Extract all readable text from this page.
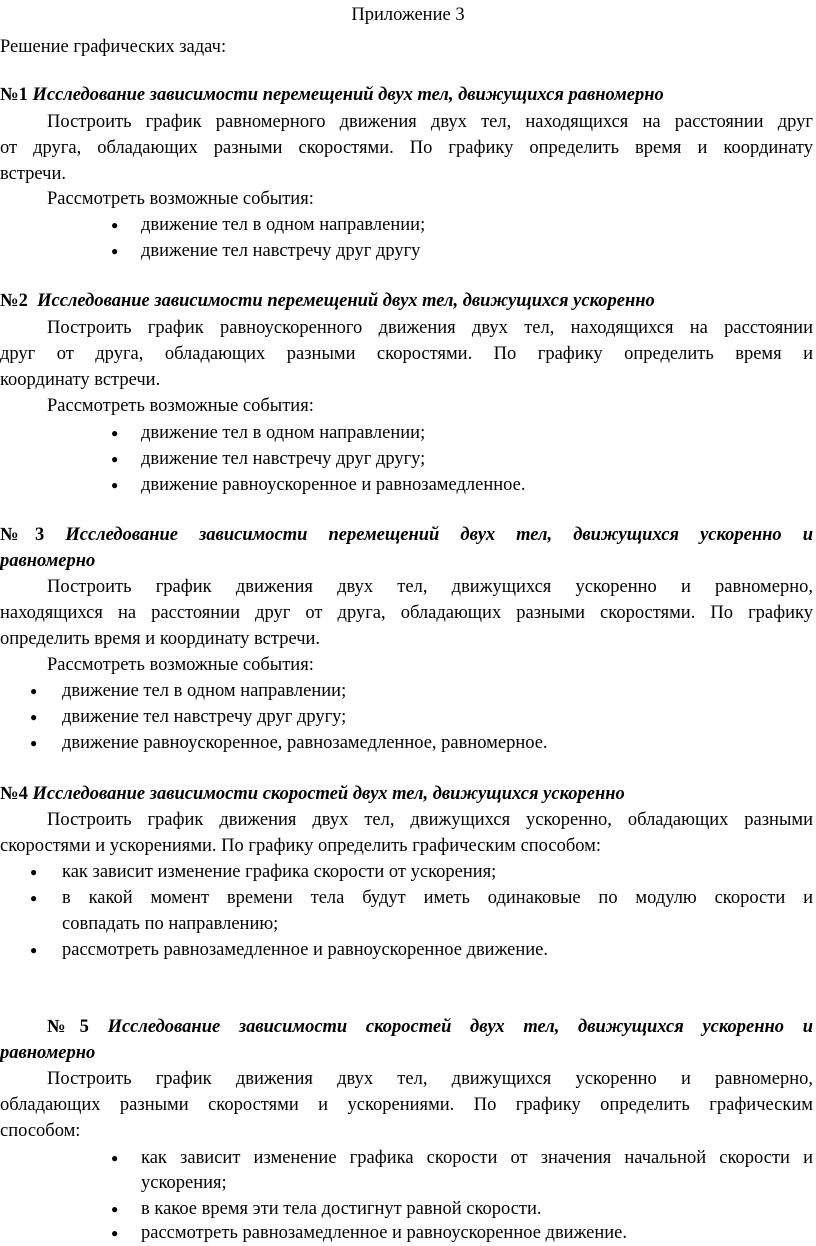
Приложение 3
Решение графических задач:
№1 Исследование зависимости перемещений двух тел, движущихся равномерно
Построить график равномерного движения двух тел, находящихся на расстоянии друг
от друга, обладающих разными скоростями. По графику определить время и координату
встречи.
Рассмотреть возможные события:
● движение тел в одном направлении;
● движение тел навстречу друг другу
№2 Исследование зависимости перемещений двух тел, движущихся ускоренно
Построить график равноускоренного движения двух тел, находящихся на расстоянии
друг от друга, обладающих разными скоростями. По графику определить время и
координату встречи.
Рассмотреть возможные события:
● движение тел в одном направлении;
● движение тел навстречу друг другу;
● движение равноускоренное и равнозамедленное.
№3 Исследование зависимости перемещений двух тел, движущихся ускоренно и
равномерно
Построить график движения двух тел, движущихся ускоренно и равномерно,
находящихся на расстоянии друг от друга, обладающих разными скоростями. По графику
определить время и координату встречи.
Рассмотреть возможные события:
● движение тел в одном направлении;
● движение тел навстречу друг другу;
● движение равноускоренное, равнозамедленное, равномерное.
№4 Исследование зависимости скоростей двух тел, движущихся ускоренно
Построить график движения двух тел, движущихся ускоренно, обладающих разными
скоростями и ускорениями. По графику определить графическим способом:
● как зависит изменение графика скорости от ускорения;
● в какой момент времени тела будут иметь одинаковые по модулю скорости и
совпадать по направлению;
● рассмотреть равнозамедленное и равноускоренное движение.
№5 Исследование зависимости скоростей двух тел, движущихся ускоренно и
равномерно
Построить график движения двух тел, движущихся ускоренно и равномерно,
обладающих разными скоростями и ускорениями. По графику определить графическим
способом:
● как зависит изменение графика скорости от значения начальной скорости и
ускорения;
● в какое время эти тела достигнут равной скорости.
● рассмотреть равнозамедленное и равноускоренное движение.
